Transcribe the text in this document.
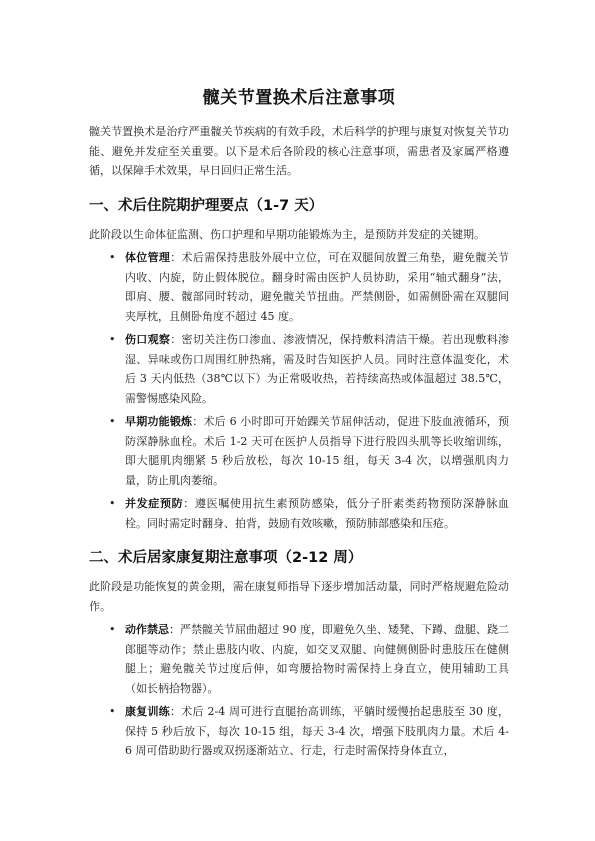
髋关节置换术后注意事项

髋关节置换术是治疗严重髋关节疾病的有效手段，术后科学的护理与康复对恢复关节功能、避免并发症至关重要。以下是术后各阶段的核心注意事项，需患者及家属严格遵循，以保障手术效果，早日回归正常生活。

一、术后住院期护理要点（1-7 天）

此阶段以生命体征监测、伤口护理和早期功能锻炼为主，是预防并发症的关键期。

• 体位管理：术后需保持患肢外展中立位，可在双腿间放置三角垫，避免髋关节内收、内旋，防止假体脱位。翻身时需由医护人员协助，采用“轴式翻身”法，即肩、腰、髋部同时转动，避免髋关节扭曲。严禁侧卧，如需侧卧需在双腿间夹厚枕，且侧卧角度不超过 45 度。
• 伤口观察：密切关注伤口渗血、渗液情况，保持敷料清洁干燥。若出现敷料渗湿、异味或伤口周围红肿热痛，需及时告知医护人员。同时注意体温变化，术后 3 天内低热（38℃以下）为正常吸收热，若持续高热或体温超过 38.5℃，需警惕感染风险。
• 早期功能锻炼：术后 6 小时即可开始踝关节屈伸活动，促进下肢血液循环，预防深静脉血栓。术后 1-2 天可在医护人员指导下进行股四头肌等长收缩训练，即大腿肌肉绷紧 5 秒后放松，每次 10-15 组，每天 3-4 次，以增强肌肉力量，防止肌肉萎缩。
• 并发症预防：遵医嘱使用抗生素预防感染，低分子肝素类药物预防深静脉血栓。同时需定时翻身、拍背，鼓励有效咳嗽，预防肺部感染和压疮。
二、术后居家康复期注意事项（2-12 周）

此阶段是功能恢复的黄金期，需在康复师指导下逐步增加活动量，同时严格规避危险动作。

• 动作禁忌：严禁髋关节屈曲超过 90 度，即避免久坐、矮凳、下蹲、盘腿、跷二郎腿等动作；禁止患肢内收、内旋，如交叉双腿、向健侧侧卧时患肢压在健侧腿上；避免髋关节过度后伸，如弯腰拾物时需保持上身直立，使用辅助工具（如长柄拾物器）。
• 康复训练：术后 2-4 周可进行直腿抬高训练，平躺时缓慢抬起患肢至 30 度，保持 5 秒后放下，每次 10-15 组，每天 3-4 次，增强下肢肌肉力量。术后 4-6 周可借助助行器或双拐逐渐站立、行走，行走时需保持身体直立，
